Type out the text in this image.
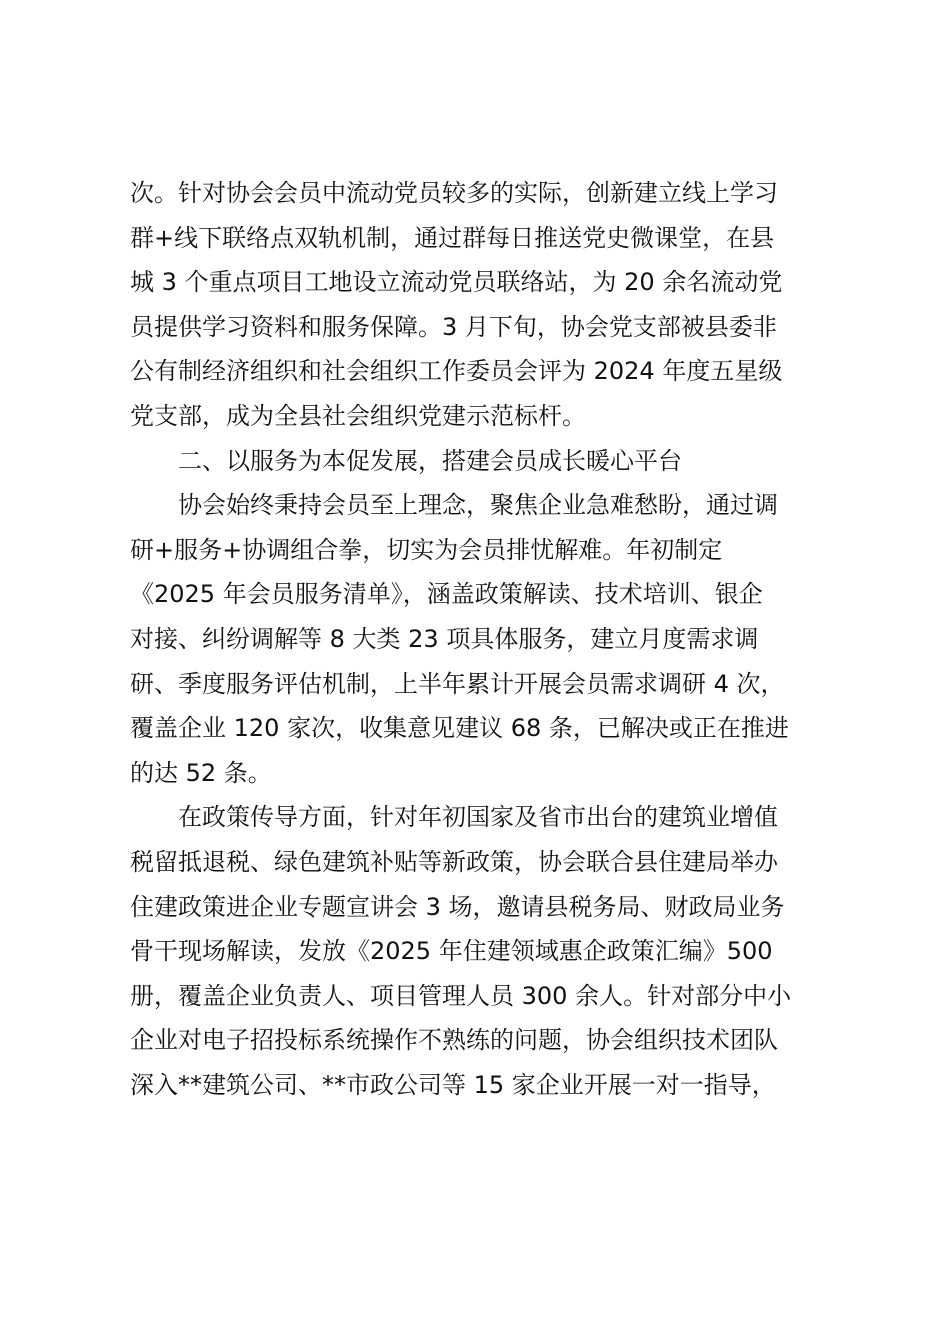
次。针对协会会员中流动党员较多的实际，创新建立线上学习
群+线下联络点双轨机制，通过群每日推送党史微课堂，在县
城 3 个重点项目工地设立流动党员联络站，为 20 余名流动党
员提供学习资料和服务保障。3 月下旬，协会党支部被县委非
公有制经济组织和社会组织工作委员会评为 2024 年度五星级
党支部，成为全县社会组织党建示范标杆。
二、以服务为本促发展，搭建会员成长暖心平台
协会始终秉持会员至上理念，聚焦企业急难愁盼，通过调
研+服务+协调组合拳，切实为会员排忧解难。年初制定
《2025 年会员服务清单》，涵盖政策解读、技术培训、银企
对接、纠纷调解等 8 大类 23 项具体服务，建立月度需求调
研、季度服务评估机制，上半年累计开展会员需求调研 4 次，
覆盖企业 120 家次，收集意见建议 68 条，已解决或正在推进
的达 52 条。
在政策传导方面，针对年初国家及省市出台的建筑业增值
税留抵退税、绿色建筑补贴等新政策，协会联合县住建局举办
住建政策进企业专题宣讲会 3 场，邀请县税务局、财政局业务
骨干现场解读，发放《2025 年住建领域惠企政策汇编》500
册，覆盖企业负责人、项目管理人员 300 余人。针对部分中小
企业对电子招投标系统操作不熟练的问题，协会组织技术团队
深入**建筑公司、**市政公司等 15 家企业开展一对一指导，
